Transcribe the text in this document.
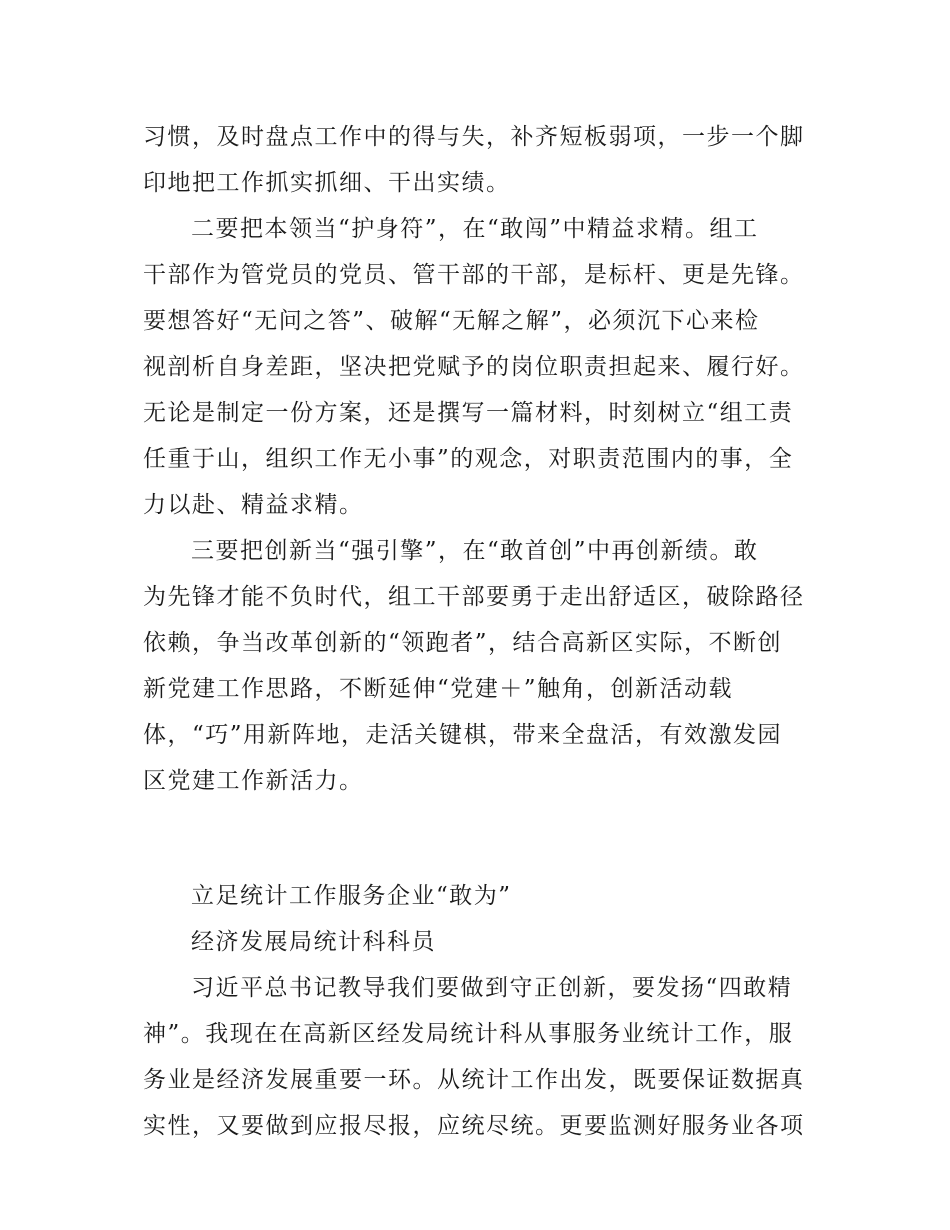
习惯，及时盘点工作中的得与失，补齐短板弱项，一步一个脚
印地把工作抓实抓细、干出实绩。
二要把本领当“护身符”，在“敢闯”中精益求精。组工
干部作为管党员的党员、管干部的干部，是标杆、更是先锋。
要想答好“无问之答”、破解“无解之解”，必须沉下心来检
视剖析自身差距，坚决把党赋予的岗位职责担起来、履行好。
无论是制定一份方案，还是撰写一篇材料，时刻树立“组工责
任重于山，组织工作无小事”的观念，对职责范围内的事，全
力以赴、精益求精。
三要把创新当“强引擎”，在“敢首创”中再创新绩。敢
为先锋才能不负时代，组工干部要勇于走出舒适区，破除路径
依赖，争当改革创新的“领跑者”，结合高新区实际，不断创
新党建工作思路，不断延伸“党建＋”触角，创新活动载
体，“巧”用新阵地，走活关键棋，带来全盘活，有效激发园
区党建工作新活力。
立足统计工作服务企业“敢为”
经济发展局统计科科员
习近平总书记教导我们要做到守正创新，要发扬“四敢精
神”。我现在在高新区经发局统计科从事服务业统计工作，服
务业是经济发展重要一环。从统计工作出发，既要保证数据真
实性，又要做到应报尽报，应统尽统。更要监测好服务业各项
